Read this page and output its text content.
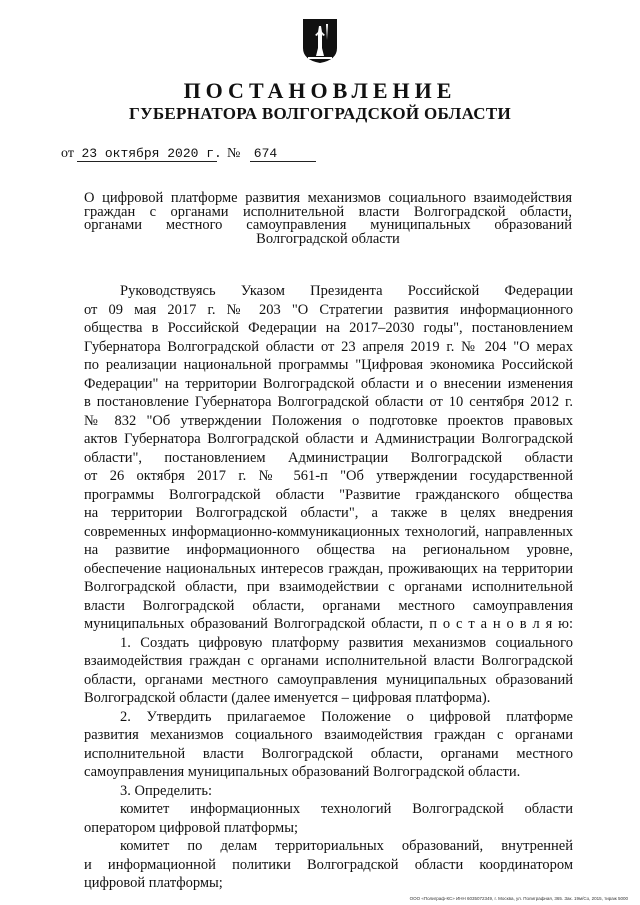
ПОСТАНОВЛЕНИЕ
ГУБЕРНАТОРА ВОЛГОГРАДСКОЙ ОБЛАСТИ
от 23 октября 2020 г. № 674
О цифровой платформе развития механизмов социального взаимодействия
граждан с органами исполнительной власти Волгоградской области,
органами местного самоуправления муниципальных образований
Волгоградской области
Руководствуясь Указом Президента Российской Федерации
от 09 мая 2017 г. № 203 "О Стратегии развития информационного
общества в Российской Федерации на 2017–2030 годы", постановлением
Губернатора Волгоградской области от 23 апреля 2019 г. № 204 "О мерах
по реализации национальной программы "Цифровая экономика Российской
Федерации" на территории Волгоградской области и о внесении изменения
в постановление Губернатора Волгоградской области от 10 сентября 2012 г.
№ 832 "Об утверждении Положения о подготовке проектов правовых
актов Губернатора Волгоградской области и Администрации Волгоградской
области", постановлением Администрации Волгоградской области
от 26 октября 2017 г. № 561-п "Об утверждении государственной
программы Волгоградской области "Развитие гражданского общества
на территории Волгоградской области", а также в целях внедрения
современных информационно-коммуникационных технологий, направленных
на развитие информационного общества на региональном уровне,
обеспечение национальных интересов граждан, проживающих на территории
Волгоградской области, при взаимодействии с органами исполнительной
власти Волгоградской области, органами местного самоуправления
муниципальных образований Волгоградской области, п о с т а н о в л я ю:
1. Создать цифровую платформу развития механизмов социального
взаимодействия граждан с органами исполнительной власти Волгоградской
области, органами местного самоуправления муниципальных образований
Волгоградской области (далее именуется – цифровая платформа).
2. Утвердить прилагаемое Положение о цифровой платформе
развития механизмов социального взаимодействия граждан с органами
исполнительной власти Волгоградской области, органами местного
самоуправления муниципальных образований Волгоградской области.
3. Определить:
комитет информационных технологий Волгоградской области
оператором цифровой платформы;
комитет по делам территориальных образований, внутренней
и информационной политики Волгоградской области координатором
цифровой платформы;
ООО «Полиграф-КС» ИНН 6035072349, г. Москва, ул. Полиграфная, 365. Зак. 19м/Со, 2015, тираж 5000
